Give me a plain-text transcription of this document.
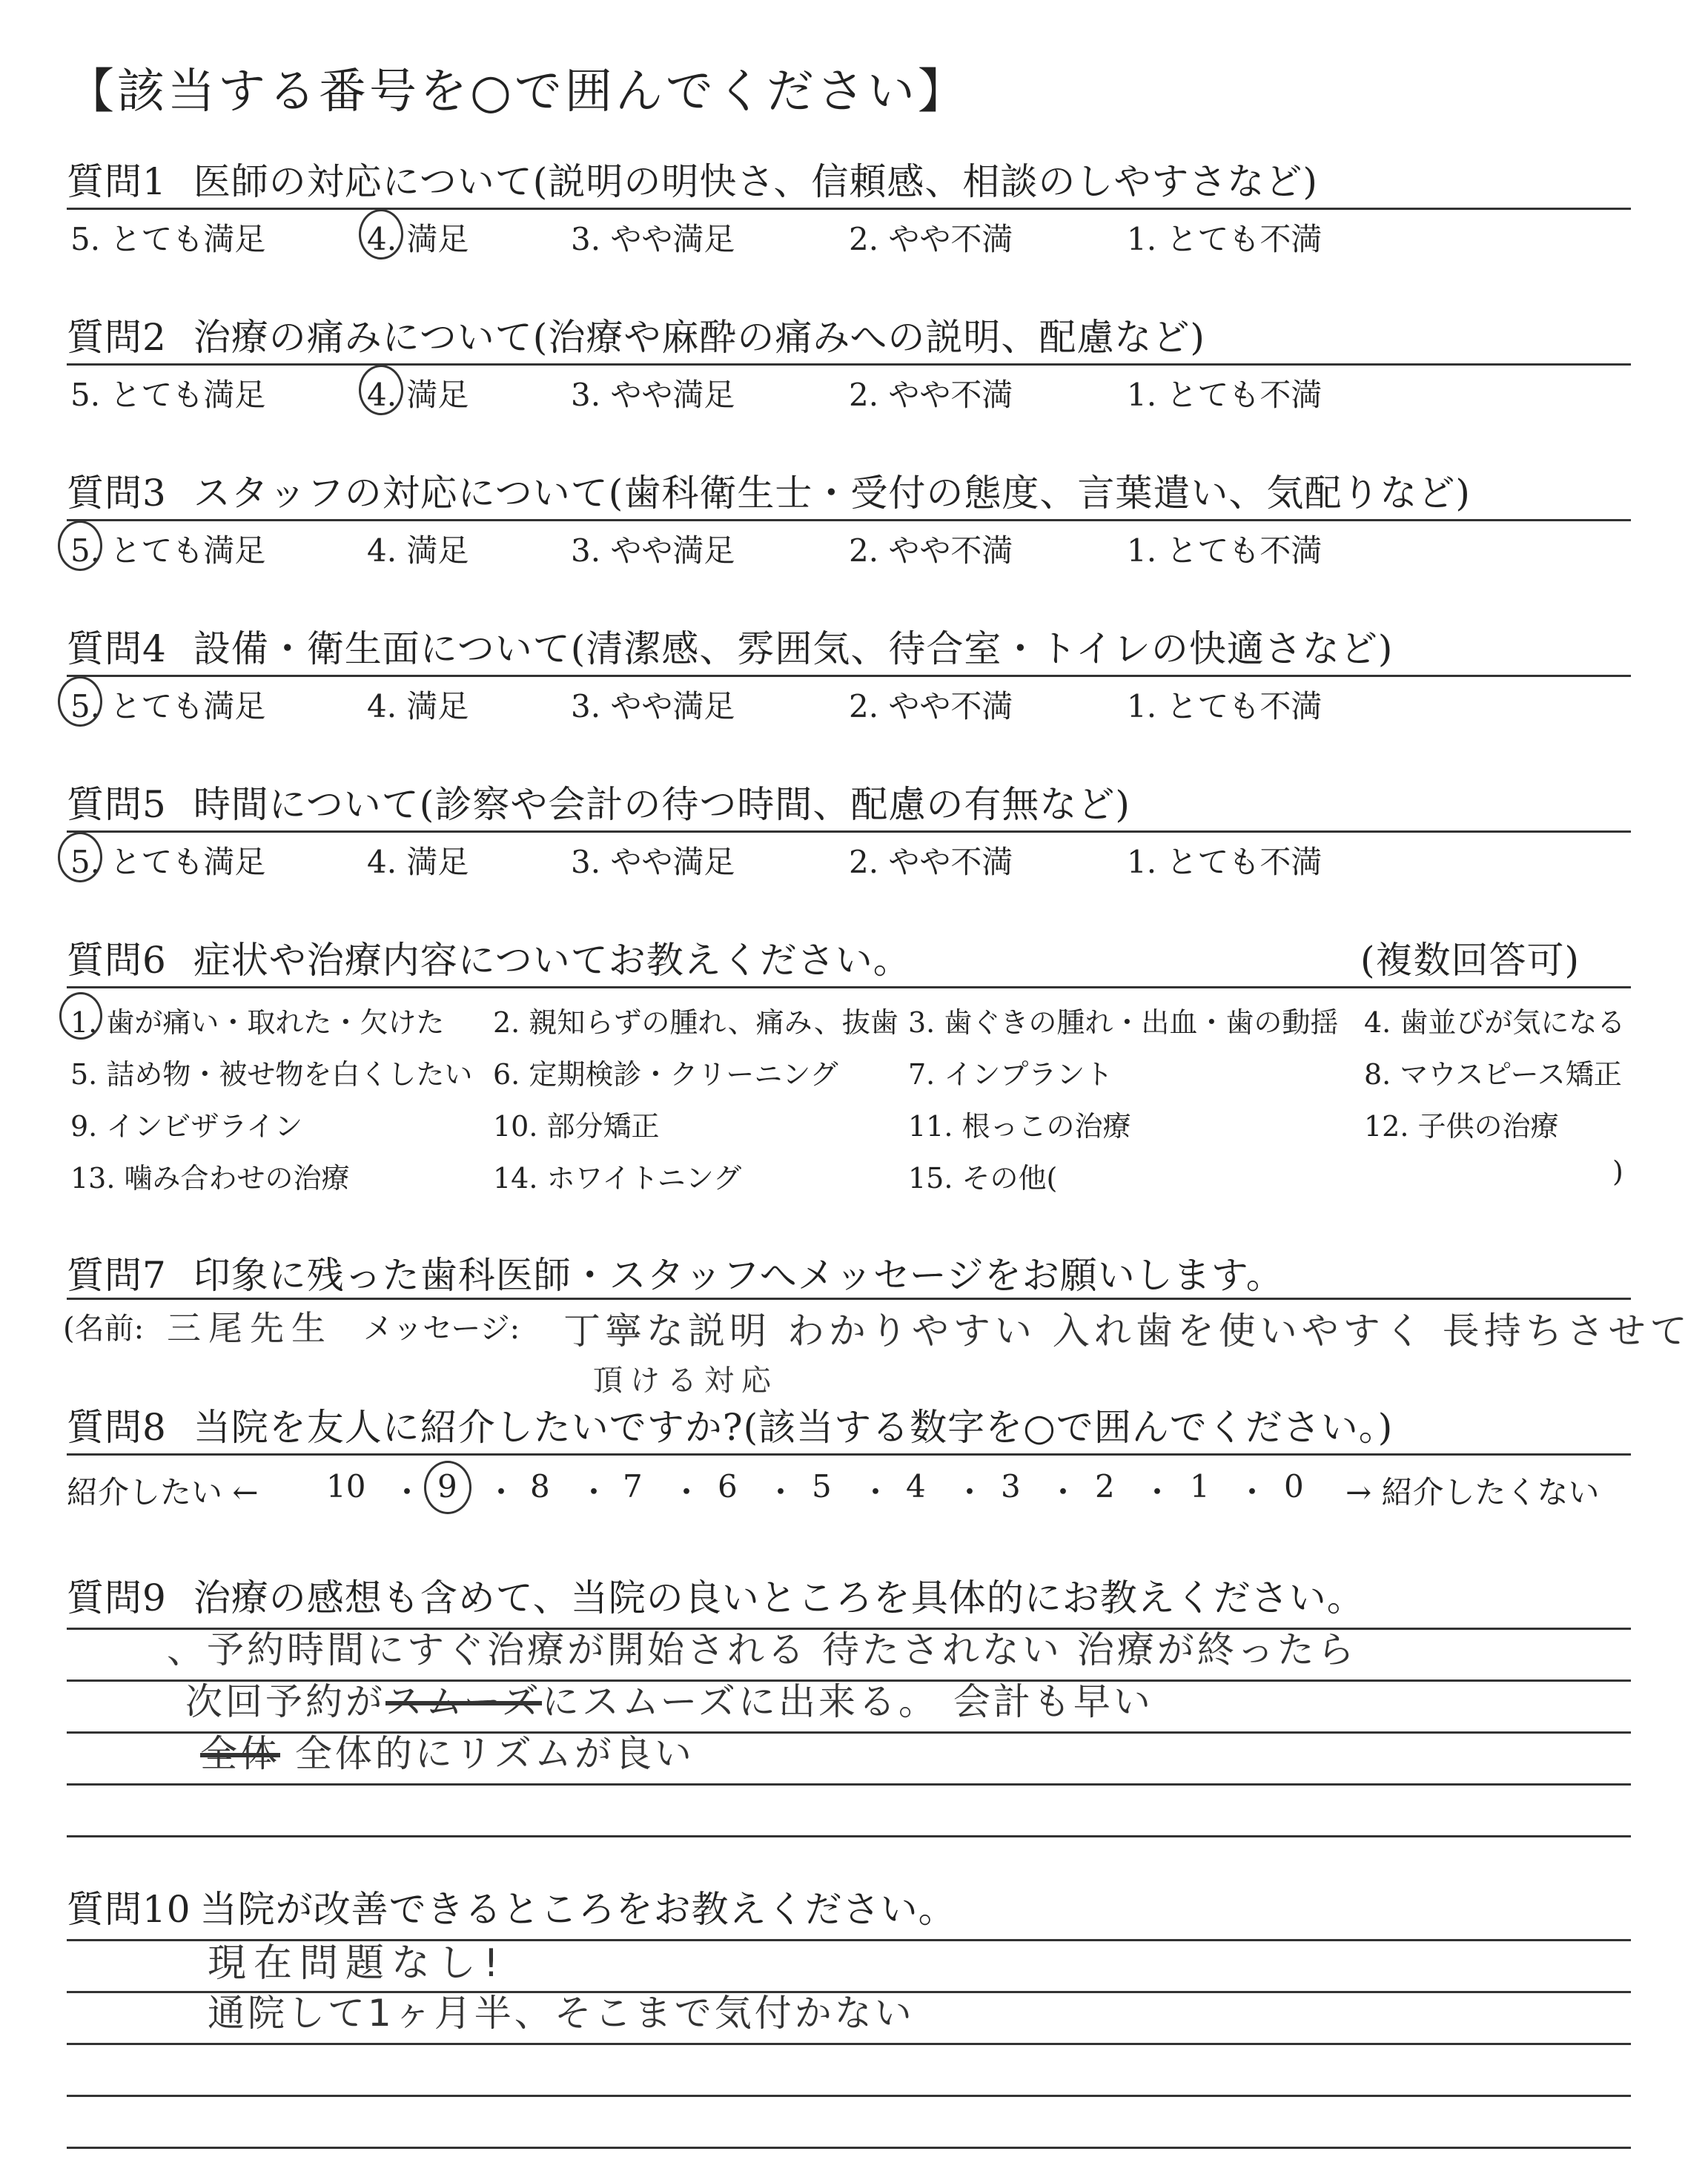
【該当する番号を○で囲んでください】
質問1 医師の対応について(説明の明快さ、信頼感、相談のしやすさなど)
5. とても満足	4. 満足	3. やや満足	2. やや不満	1. とても不満
質問2 治療の痛みについて(治療や麻酔の痛みへの説明、配慮など)
5. とても満足	4. 満足	3. やや満足	2. やや不満	1. とても不満
質問3 スタッフの対応について(歯科衛生士・受付の態度、言葉遣い、気配りなど)
5. とても満足	4. 満足	3. やや満足	2. やや不満	1. とても不満
質問4 設備・衛生面について(清潔感、雰囲気、待合室・トイレの快適さなど)
5. とても満足	4. 満足	3. やや満足	2. やや不満	1. とても不満
質問5 時間について(診察や会計の待つ時間、配慮の有無など)
5. とても満足	4. 満足	3. やや満足	2. やや不満	1. とても不満
質問6 症状や治療内容についてお教えください。	(複数回答可)
1. 歯が痛い・取れた・欠けた 2. 親知らずの腫れ、痛み、抜歯 3. 歯ぐきの腫れ・出血・歯の動揺 4. 歯並びが気になる
5. 詰め物・被せ物を白くしたい 6. 定期検診・クリーニング 7. インプラント	8. マウスピース矯正
9. インビザライン	10. 部分矯正	11. 根っこの治療	12. 子供の治療
13. 噛み合わせの治療	14. ホワイトニング	15. その他(	)
質問7 印象に残った歯科医師・スタッフへメッセージをお願いします。
(名前: 三尾先生 メッセージ: 丁寧な説明 わかりやすい 入れ歯を使いやすく 長持ちさせて
頂ける対応
質問8 当院を友人に紹介したいですか?(該当する数字を○で囲んでください。)
紹介したい ← 10 ・ 9 ・ 8 ・ 7 ・ 6 ・ 5 ・ 4 ・ 3 ・ 2 ・ 1 ・ 0 → 紹介したくない
質問9 治療の感想も含めて、当院の良いところを具体的にお教えください。
、予約時間にすぐ治療が開始される 待たされない 治療が終ったら
次回予約がスムーズにスムーズに出来る。 会計も早い
全体 全体的にリズムが良い
質問10 当院が改善できるところをお教えください。
現在問題なし!
通院して1ヶ月半、そこまで気付かない
